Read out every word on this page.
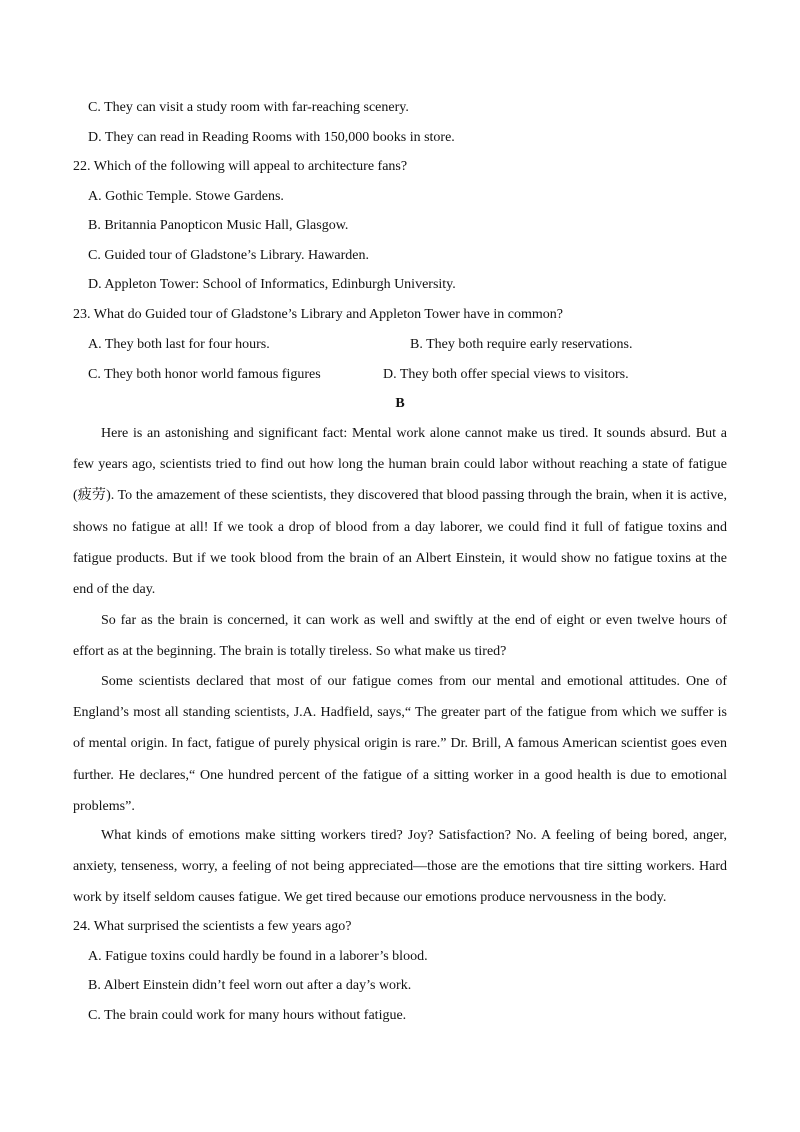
C. They can visit a study room with far-reaching scenery.
D. They can read in Reading Rooms with 150,000 books in store.
22. Which of the following will appeal to architecture fans?
A. Gothic Temple. Stowe Gardens.
B. Britannia Panopticon Music Hall, Glasgow.
C. Guided tour of Gladstone’s Library. Hawarden.
D. Appleton Tower: School of Informatics, Edinburgh University.
23. What do Guided tour of Gladstone’s Library and Appleton Tower have in common?
A. They both last for four hours.	B. They both require early reservations.
C. They both honor world famous figures	D. They both offer special views to visitors.
B
Here is an astonishing and significant fact: Mental work alone cannot make us tired. It sounds absurd. But a few years ago, scientists tried to find out how long the human brain could labor without reaching a state of fatigue (疲劳). To the amazement of these scientists, they discovered that blood passing through the brain, when it is active, shows no fatigue at all! If we took a drop of blood from a day laborer, we could find it full of fatigue toxins and fatigue products. But if we took blood from the brain of an Albert Einstein, it would show no fatigue toxins at the end of the day.
So far as the brain is concerned, it can work as well and swiftly at the end of eight or even twelve hours of effort as at the beginning. The brain is totally tireless. So what make us tired?
Some scientists declared that most of our fatigue comes from our mental and emotional attitudes. One of England’s most all standing scientists, J.A. Hadfield, says,“ The greater part of the fatigue from which we suffer is of mental origin. In fact, fatigue of purely physical origin is rare.” Dr. Brill, A famous American scientist goes even further. He declares,“ One hundred percent of the fatigue of a sitting worker in a good health is due to emotional problems”.
What kinds of emotions make sitting workers tired? Joy? Satisfaction? No. A feeling of being bored, anger, anxiety, tenseness, worry, a feeling of not being appreciated—those are the emotions that tire sitting workers. Hard work by itself seldom causes fatigue. We get tired because our emotions produce nervousness in the body.
24. What surprised the scientists a few years ago?
A. Fatigue toxins could hardly be found in a laborer’s blood.
B. Albert Einstein didn’t feel worn out after a day’s work.
C. The brain could work for many hours without fatigue.
